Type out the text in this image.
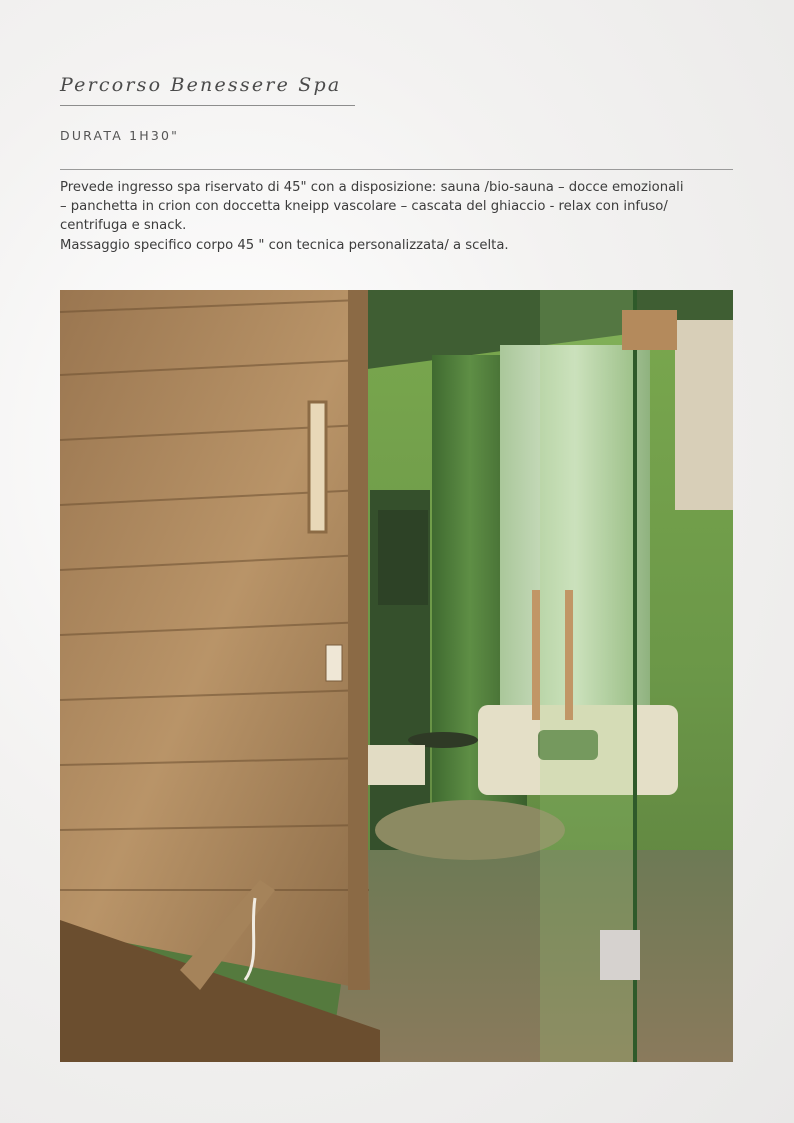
Percorso Benessere Spa
DURATA 1H30"

Prevede ingresso spa riservato di 45" con a disposizione: sauna /bio-sauna – docce emozionali

– panchetta in crion con doccetta kneipp vascolare – cascata del ghiaccio - relax con infuso/

centrifuga e snack.

Massaggio specifico corpo 45 " con tecnica personalizzata/ a scelta.
